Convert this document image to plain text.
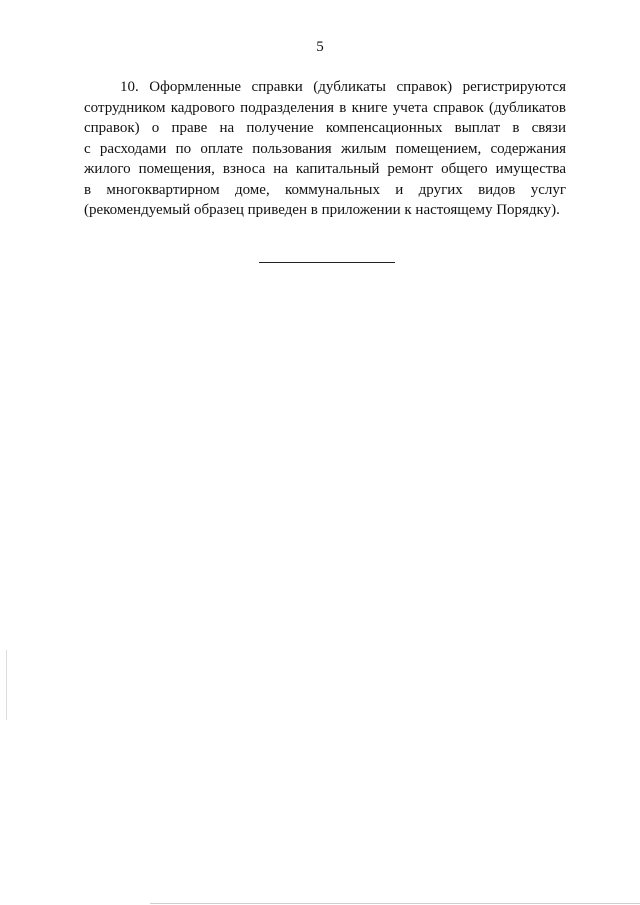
5
10. Оформленные справки (дубликаты справок) регистрируются
сотрудником кадрового подразделения в книге учета справок (дубликатов
справок) о праве на получение компенсационных выплат в связи
с расходами по оплате пользования жилым помещением, содержания
жилого помещения, взноса на капитальный ремонт общего имущества
в многоквартирном доме, коммунальных и других видов услуг
(рекомендуемый образец приведен в приложении к настоящему Порядку).
